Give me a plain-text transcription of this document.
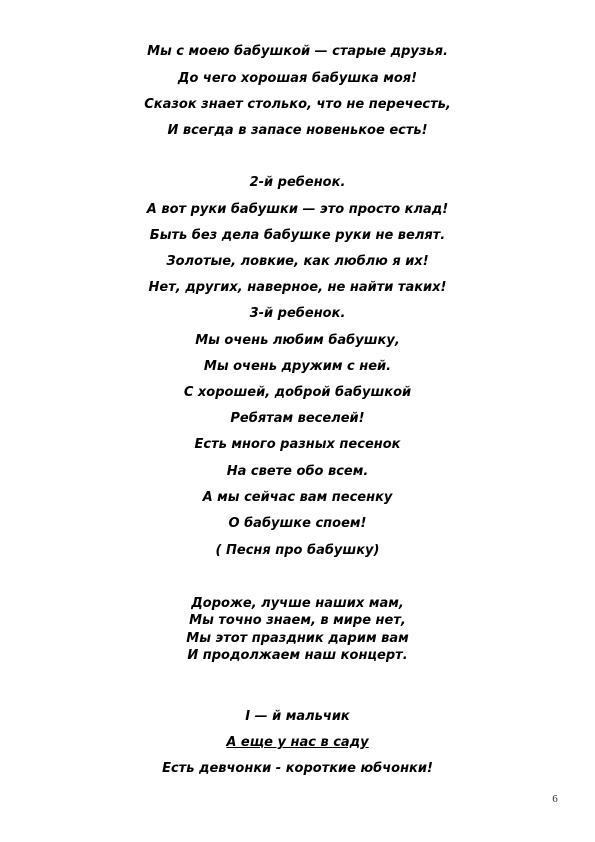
Мы с моею бабушкой — старые друзья.
До чего хорошая бабушка моя!
Сказок знает столько, что не перечесть,
И всегда в запасе новенькое есть!
2-й ребенок.
А вот руки бабушки — это просто клад!
Быть без дела бабушке руки не велят.
Золотые, ловкие, как люблю я их!
Нет, других, наверное, не найти таких!
3-й ребенок.
Мы очень любим бабушку,
Мы очень дружим с ней.
С хорошей, доброй бабушкой
Ребятам веселей!
Есть много разных песенок
На свете обо всем.
А мы сейчас вам песенку
О бабушке споем!
( Песня про бабушку)
Дороже, лучше наших мам,
Мы точно знаем, в мире нет,
Мы этот праздник дарим вам
И продолжаем наш концерт.
I — й мальчик
А еще у нас в саду
Есть девчонки - короткие юбчонки!
6
